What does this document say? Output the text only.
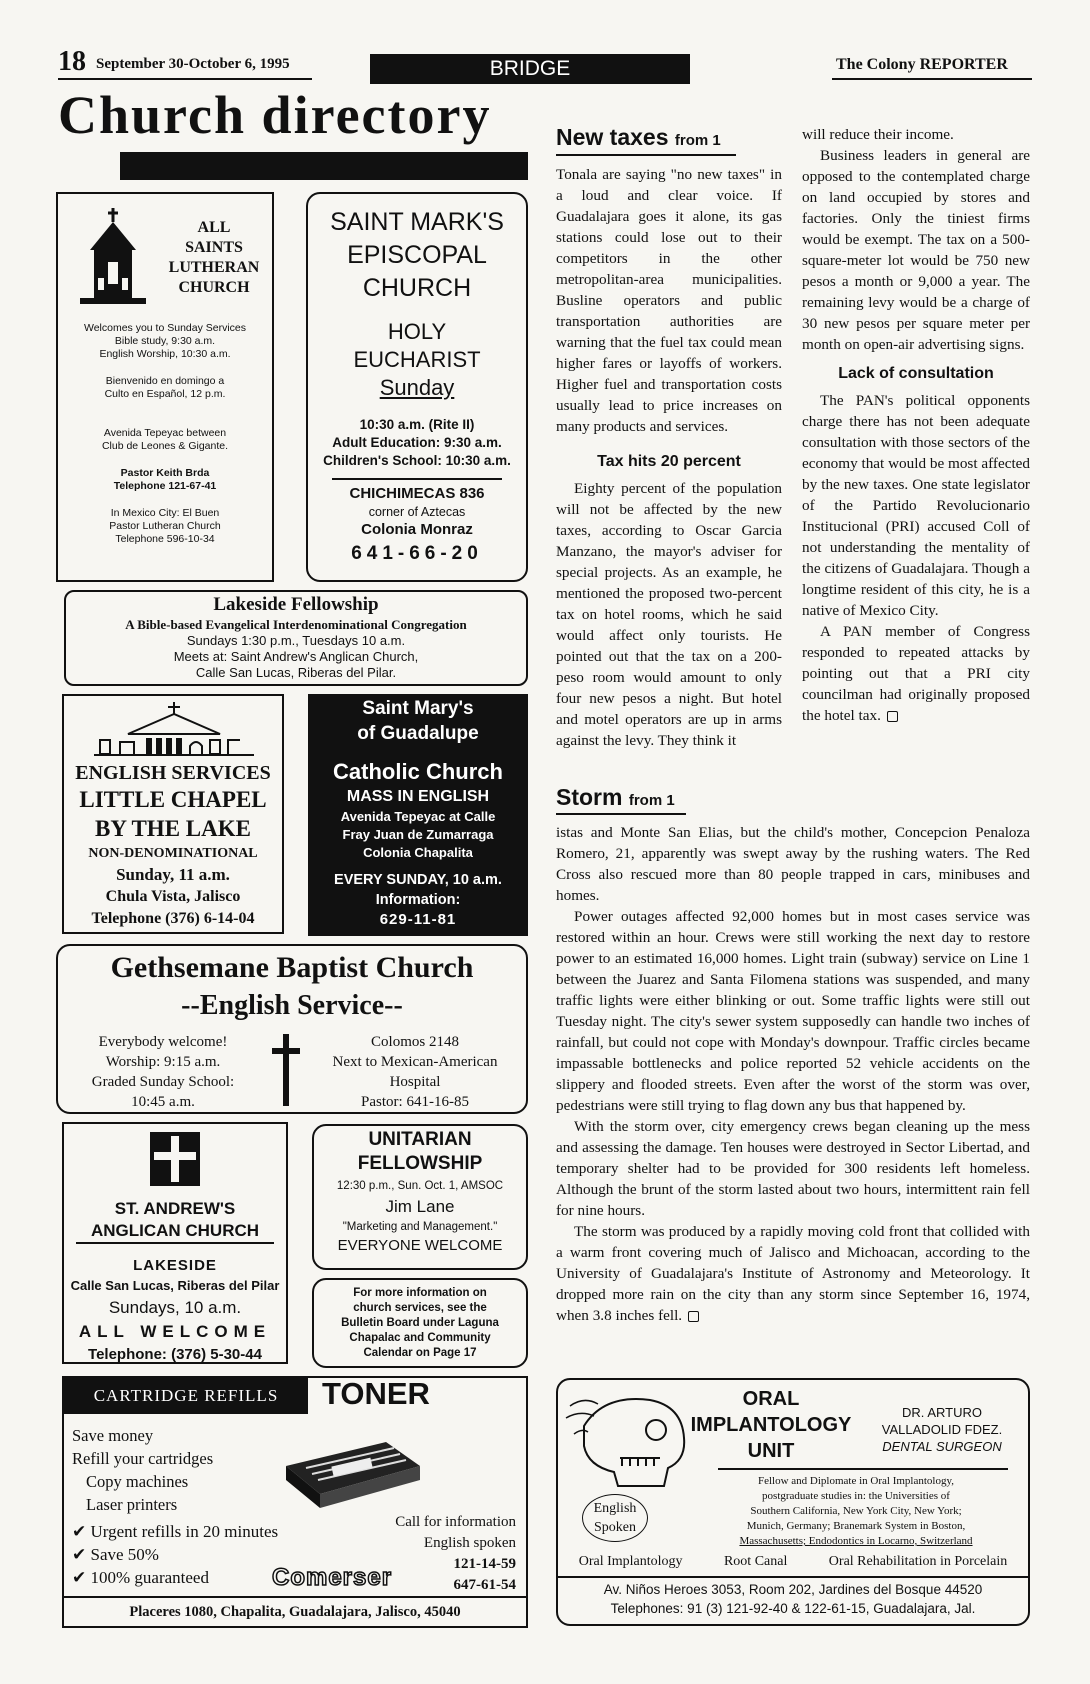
18 September 30-October 6, 1995	BRIDGE	The Colony REPORTER
Church directory
ALL
SAINTS
LUTHERAN
CHURCH
Welcomes you to Sunday Services
Bible study, 9:30 a.m.
English Worship, 10:30 a.m.
Bienvenido en domingo a
Culto en Español, 12 p.m.
Avenida Tepeyac between
Club de Leones & Gigante.
Pastor Keith Brda
Telephone 121-67-41
In Mexico City: El Buen
Pastor Lutheran Church
Telephone 596-10-34
SAINT MARK'S
EPISCOPAL
CHURCH
HOLY
EUCHARIST
Sunday
10:30 a.m. (Rite II)
Adult Education: 9:30 a.m.
Children's School: 10:30 a.m.
CHICHIMECAS 836
corner of Aztecas
Colonia Monraz
641-66-20
Lakeside Fellowship
A Bible-based Evangelical Interdenominational Congregation
Sundays 1:30 p.m., Tuesdays 10 a.m.
Meets at: Saint Andrew's Anglican Church,
Calle San Lucas, Riberas del Pilar.
ENGLISH SERVICES
LITTLE CHAPEL
BY THE LAKE
NON-DENOMINATIONAL
Sunday, 11 a.m.
Chula Vista, Jalisco
Telephone (376) 6-14-04
Saint Mary's
of Guadalupe
Catholic Church
MASS IN ENGLISH
Avenida Tepeyac at Calle
Fray Juan de Zumarraga
Colonia Chapalita
EVERY SUNDAY, 10 a.m.
Information:
629-11-81
Gethsemane Baptist Church
--English Service--
Everybody welcome!
Worship: 9:15 a.m.
Graded Sunday School:
10:45 a.m.
Colomos 2148
Next to Mexican-American
Hospital
Pastor: 641-16-85
ST. ANDREW'S
ANGLICAN CHURCH
LAKESIDE
Calle San Lucas, Riberas del Pilar
Sundays, 10 a.m.
ALL WELCOME
Telephone: (376) 5-30-44
UNITARIAN
FELLOWSHIP
12:30 p.m., Sun. Oct. 1, AMSOC
Jim Lane
"Marketing and Management."
EVERYONE WELCOME
For more information on
church services, see the
Bulletin Board under Laguna
Chapalac and Community
Calendar on Page 17
CARTRIDGE REFILLS	TONER
Save money
Refill your cartridges
Copy machines
Laser printers
✔ Urgent refills in 20 minutes
✔ Save 50%
✔ 100% guaranteed
Call for information
English spoken
121-14-59
647-61-54
Comerser
Placeres 1080, Chapalita, Guadalajara, Jalisco, 45040
New taxes from 1

Tonala are saying "no new taxes" in a loud and clear voice. If Guadalajara goes it alone, its gas stations could lose out to their competitors in the other metropolitan-area municipalities. Busline operators and public transportation authorities are warning that the fuel tax could mean higher fares or layoffs of workers. Higher fuel and transportation costs usually lead to price increases on many products and services.

Tax hits 20 percent

Eighty percent of the population will not be affected by the new taxes, according to Oscar Garcia Manzano, the mayor's adviser for special projects. As an example, he mentioned the proposed two-percent tax on hotel rooms, which he said would affect only tourists. He pointed out that the tax on a 200-peso room would amount to only four new pesos a night. But hotel and motel operators are up in arms against the levy. They think it

will reduce their income.

Business leaders in general are opposed to the contemplated charge on land occupied by stores and factories. Only the tiniest firms would be exempt. The tax on a 500-square-meter lot would be 750 new pesos a month or 9,000 a year. The remaining levy would be a charge of 30 new pesos per square meter per month on open-air advertising signs.

Lack of consultation

The PAN's political opponents charge there has not been adequate consultation with those sectors of the economy that would be most affected by the new taxes. One state legislator of the Partido Revolucionario Institucional (PRI) accused Coll of not understanding the mentality of the citizens of Guadalajara. Though a longtime resident of this city, he is a native of Mexico City.

A PAN member of Congress responded to repeated attacks by pointing out that a PRI city councilman had originally proposed the hotel tax.

Storm from 1

istas and Monte San Elias, but the child's mother, Concepcion Penaloza Romero, 21, apparently was swept away by the rushing waters. The Red Cross also rescued more than 80 people trapped in cars, minibuses and homes.

Power outages affected 92,000 homes but in most cases service was restored within an hour. Crews were still working the next day to restore power to an estimated 16,000 homes. Light train (subway) service on Line 1 between the Juarez and Santa Filomena stations was suspended, and many traffic lights were either blinking or out. Some traffic lights were still out Tuesday night. The city's sewer system supposedly can handle two inches of rainfall, but could not cope with Monday's downpour. Traffic circles became impassable bottlenecks and police reported 52 vehicle accidents on the slippery and flooded streets. Even after the worst of the storm was over, pedestrians were still trying to flag down any bus that happened by.

With the storm over, city emergency crews began cleaning up the mess and assessing the damage. Ten houses were destroyed in Sector Libertad, and temporary shelter had to be provided for 300 residents left homeless. Although the brunt of the storm lasted about two hours, intermittent rain fell for nine hours.

The storm was produced by a rapidly moving cold front that collided with a warm front covering much of Jalisco and Michoacan, according to the University of Guadalajara's Institute of Astronomy and Meteorology. It dropped more rain on the city than any storm since September 16, 1974, when 3.8 inches fell.

ORAL
IMPLANTOLOGY
UNIT
DR. ARTURO
VALLADOLID FDEZ.
DENTAL SURGEON
English
Spoken
Fellow and Diplomate in Oral Implantology,
postgraduate studies in: the Universities of
Southern California, New York City, New York;
Munich, Germany; Branemark System in Boston,
Massachusetts; Endodontics in Locarno, Switzerland
Oral Implantology	Root Canal	Oral Rehabilitation in Porcelain
Av. Niños Heroes 3053, Room 202, Jardines del Bosque 44520
Telephones: 91 (3) 121-92-40 & 122-61-15, Guadalajara, Jal.
